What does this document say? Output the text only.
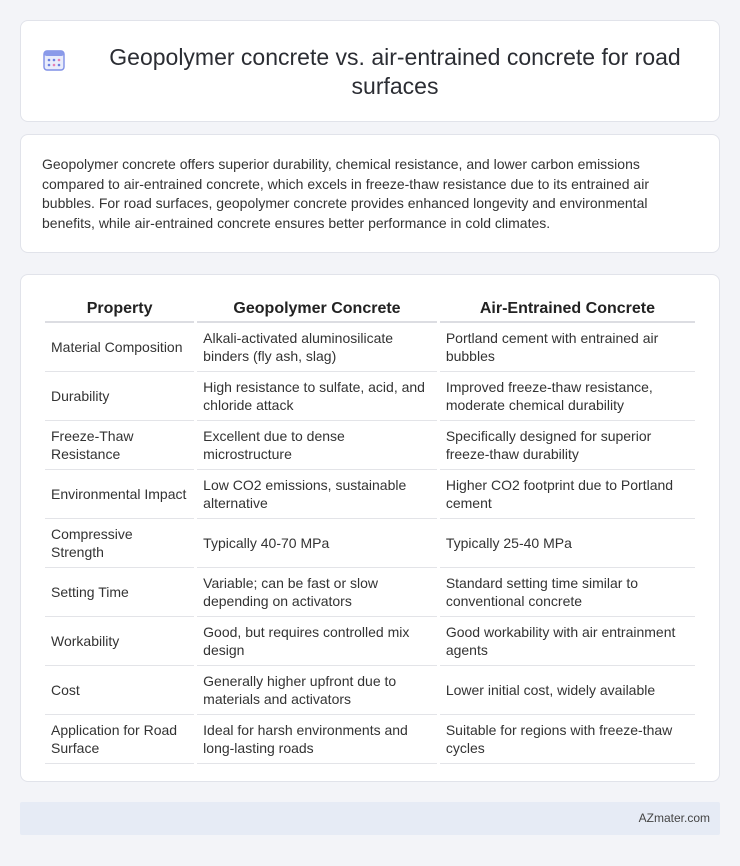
Geopolymer concrete vs. air-entrained concrete for road surfaces

Geopolymer concrete offers superior durability, chemical resistance, and lower carbon emissions compared to air-entrained concrete, which excels in freeze-thaw resistance due to its entrained air bubbles. For road surfaces, geopolymer concrete provides enhanced longevity and environmental benefits, while air-entrained concrete ensures better performance in cold climates.

Property	Geopolymer Concrete	Air-Entrained Concrete
Material Composition	Alkali-activated aluminosilicate binders (fly ash, slag)	Portland cement with entrained air bubbles
Durability	High resistance to sulfate, acid, and chloride attack	Improved freeze-thaw resistance, moderate chemical durability
Freeze-Thaw Resistance	Excellent due to dense microstructure	Specifically designed for superior freeze-thaw durability
Environmental Impact	Low CO2 emissions, sustainable alternative	Higher CO2 footprint due to Portland cement
Compressive Strength	Typically 40-70 MPa	Typically 25-40 MPa
Setting Time	Variable; can be fast or slow depending on activators	Standard setting time similar to conventional concrete
Workability	Good, but requires controlled mix design	Good workability with air entrainment agents
Cost	Generally higher upfront due to materials and activators	Lower initial cost, widely available
Application for Road Surface	Ideal for harsh environments and long-lasting roads	Suitable for regions with freeze-thaw cycles
AZmater.com
